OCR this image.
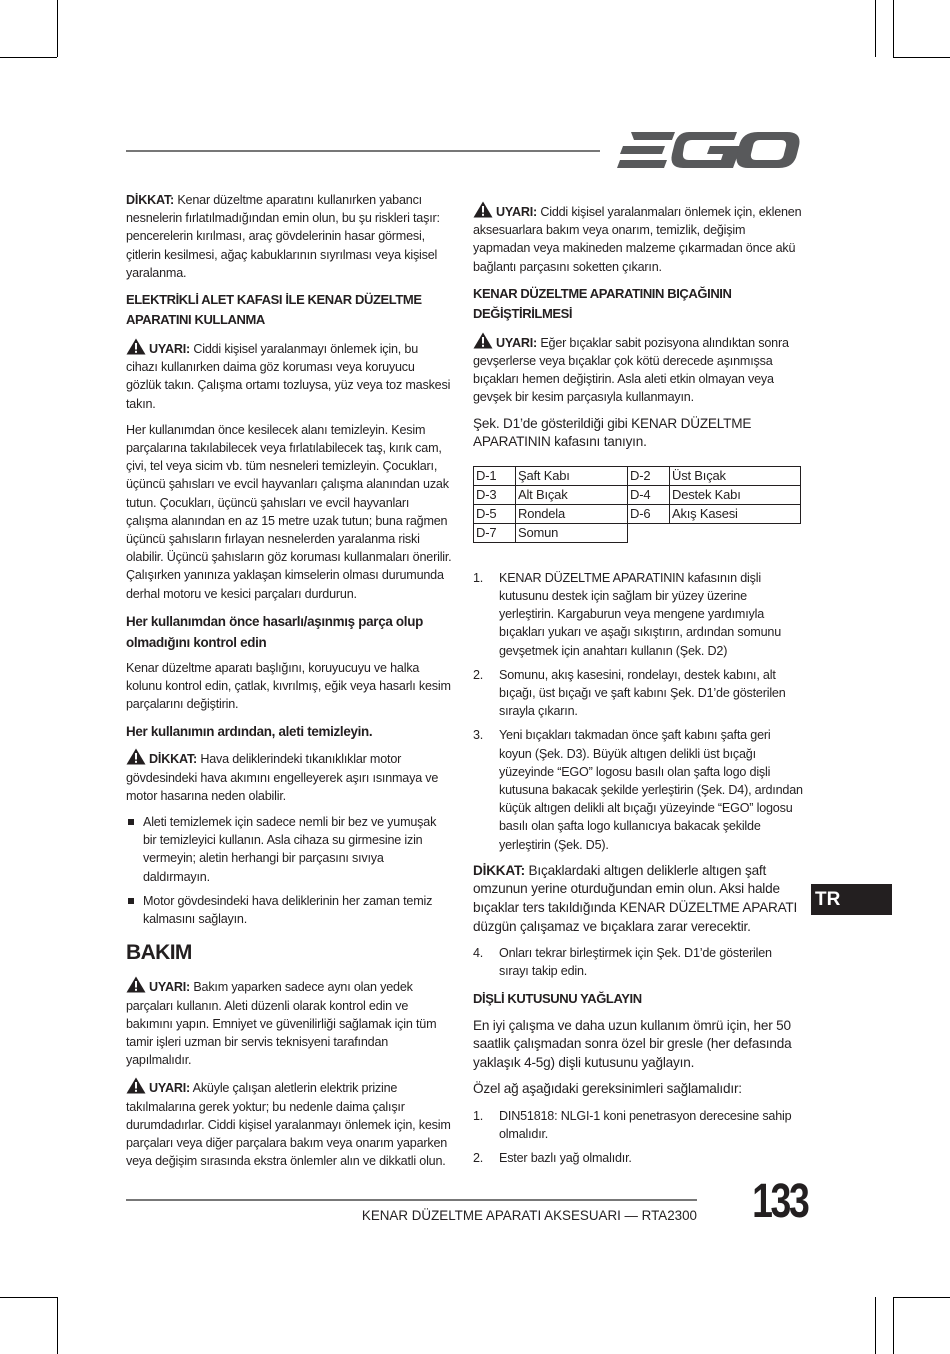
DİKKAT: Kenar düzeltme aparatını kullanırken yabancı nesnelerin fırlatılmadığından emin olun, bu şu riskleri taşır: pencerelerin kırılması, araç gövdelerinin hasar görmesi, çitlerin kesilmesi, ağaç kabuklarının sıyrılması veya kişisel yaralanma.
ELEKTRİKLİ ALET KAFASI İLE KENAR DÜZELTME APARATINI KULLANMA
UYARI: Ciddi kişisel yaralanmayı önlemek için, bu cihazı kullanırken daima göz koruması veya koruyucu gözlük takın. Çalışma ortamı tozluysa, yüz veya toz maskesi takın.
Her kullanımdan önce kesilecek alanı temizleyin. Kesim parçalarına takılabilecek veya fırlatılabilecek taş, kırık cam, çivi, tel veya sicim vb. tüm nesneleri temizleyin. Çocukları, üçüncü şahısları ve evcil hayvanları çalışma alanından uzak tutun. Çocukları, üçüncü şahısları ve evcil hayvanları çalışma alanından en az 15 metre uzak tutun; buna rağmen üçüncü şahısların fırlayan nesnelerden yaralanma riski olabilir. Üçüncü şahısların göz koruması kullanmaları önerilir. Çalışırken yanınıza yaklaşan kimselerin olması durumunda derhal motoru ve kesici parçaları durdurun.
Her kullanımdan önce hasarlı/aşınmış parça olup olmadığını kontrol edin
Kenar düzeltme aparatı başlığını, koruyucuyu ve halka kolunu kontrol edin, çatlak, kıvrılmış, eğik veya hasarlı kesim parçalarını değiştirin.
Her kullanımın ardından, aleti temizleyin.
DİKKAT: Hava deliklerindeki tıkanıklıklar motor gövdesindeki hava akımını engelleyerek aşırı ısınmaya ve motor hasarına neden olabilir.
Aleti temizlemek için sadece nemli bir bez ve yumuşak bir temizleyici kullanın. Asla cihaza su girmesine izin vermeyin; aletin herhangi bir parçasını sıvıya daldırmayın.
Motor gövdesindeki hava deliklerinin her zaman temiz kalmasını sağlayın.
BAKIM
UYARI: Bakım yaparken sadece aynı olan yedek parçaları kullanın. Aleti düzenli olarak kontrol edin ve bakımını yapın. Emniyet ve güvenilirliği sağlamak için tüm tamir işleri uzman bir servis teknisyeni tarafından yapılmalıdır.
UYARI: Aküyle çalışan aletlerin elektrik prizine takılmalarına gerek yoktur; bu nedenle daima çalışır durumdadırlar. Ciddi kişisel yaralanmayı önlemek için, kesim parçaları veya diğer parçalara bakım veya onarım yaparken veya değişim sırasında ekstra önlemler alın ve dikkatli olun.
UYARI: Ciddi kişisel yaralanmaları önlemek için, eklenen aksesuarlara bakım veya onarım, temizlik, değişim yapmadan veya makineden malzeme çıkarmadan önce akü bağlantı parçasını soketten çıkarın.
KENAR DÜZELTME APARATININ BIÇAĞININ DEĞİŞTİRİLMESİ
UYARI: Eğer bıçaklar sabit pozisyona alındıktan sonra gevşerlerse veya bıçaklar çok kötü derecede aşınmışsa bıçakları hemen değiştirin. Asla aleti etkin olmayan veya gevşek bir kesim parçasıyla kullanmayın.
Şek. D1’de gösterildiği gibi KENAR DÜZELTME APARATININ kafasını tanıyın.
D-1	Şaft Kabı	D-2	Üst Bıçak
D-3	Alt Bıçak	D-4	Destek Kabı
D-5	Rondela	D-6	Akış Kasesi
D-7	Somun		
1. KENAR DÜZELTME APARATININ kafasının dişli kutusunu destek için sağlam bir yüzey üzerine yerleştirin. Kargaburun veya mengene yardımıyla bıçakları yukarı ve aşağı sıkıştırın, ardından somunu gevşetmek için anahtarı kullanın (Şek. D2)
2. Somunu, akış kasesini, rondelayı, destek kabını, alt bıçağı, üst bıçağı ve şaft kabını Şek. D1’de gösterilen sırayla çıkarın.
3. Yeni bıçakları takmadan önce şaft kabını şafta geri koyun (Şek. D3). Büyük altıgen delikli üst bıçağı yüzeyinde “EGO” logosu basılı olan şafta logo dişli kutusuna bakacak şekilde yerleştirin (Şek. D4), ardından küçük altıgen delikli alt bıçağı yüzeyinde “EGO” logosu basılı olan şafta logo kullanıcıya bakacak şekilde yerleştirin (Şek. D5).
DİKKAT: Bıçaklardaki altıgen deliklerle altıgen şaft omzunun yerine oturduğundan emin olun. Aksi halde bıçaklar ters takıldığında KENAR DÜZELTME APARATI düzgün çalışamaz ve bıçaklara zarar verecektir.
4. Onları tekrar birleştirmek için Şek. D1’de gösterilen sırayı takip edin.
DİŞLİ KUTUSUNU YAĞLAYIN
En iyi çalışma ve daha uzun kullanım ömrü için, her 50 saatlik çalışmadan sonra özel bir gresle (her defasında yaklaşık 4-5g) dişli kutusunu yağlayın.
Özel ağ aşağıdaki gereksinimleri sağlamalıdır:
1. DIN51818: NLGI-1 koni penetrasyon derecesine sahip olmalıdır.
2. Ester bazlı yağ olmalıdır.
TR
KENAR DÜZELTME APARATI AKSESUARI — RTA2300 133
